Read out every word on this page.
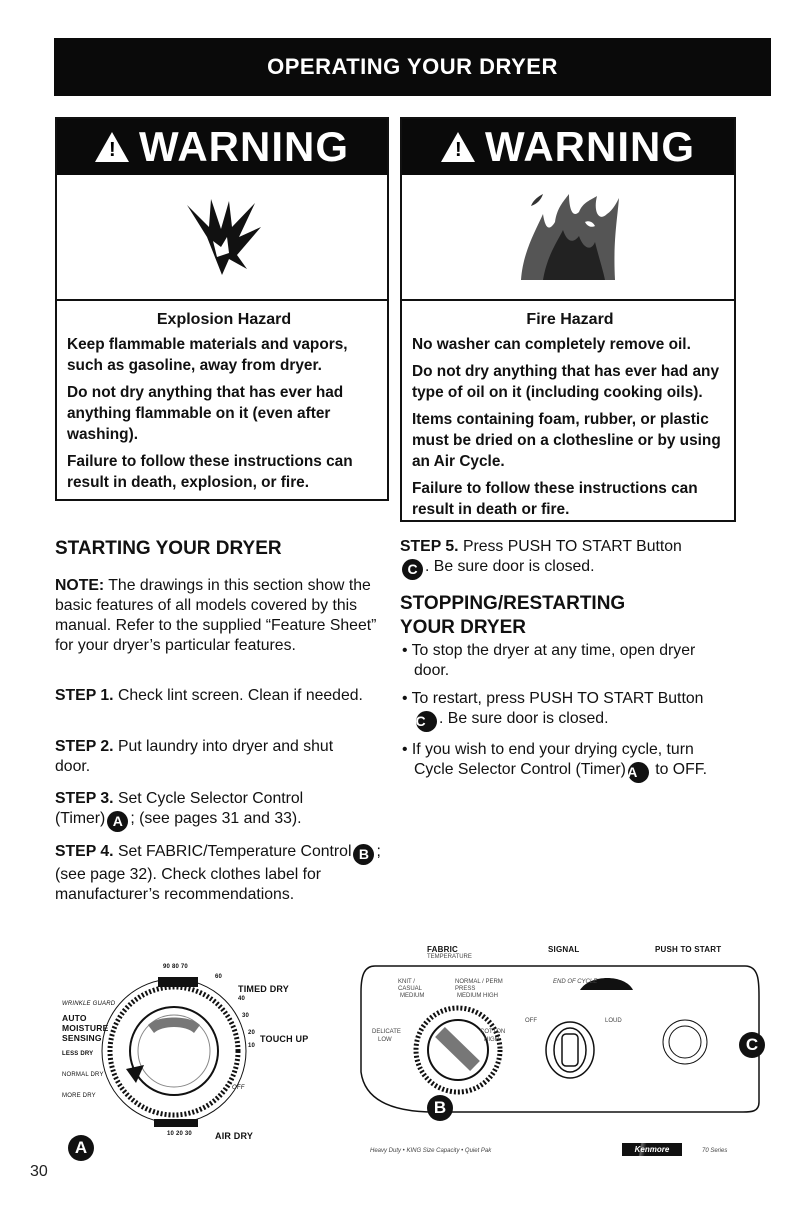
OPERATING YOUR DRYER
! WARNING
Explosion Hazard

Keep flammable materials and vapors, such as gasoline, away from dryer.

Do not dry anything that has ever had anything flammable on it (even after washing).

Failure to follow these instructions can result in death, explosion, or fire.

! WARNING
Fire Hazard

No washer can completely remove oil.

Do not dry anything that has ever had any type of oil on it (including cooking oils).

Items containing foam, rubber, or plastic must be dried on a clothesline or by using an Air Cycle.

Failure to follow these instructions can result in death or fire.

STARTING YOUR DRYER
NOTE: The drawings in this section show the basic features of all models covered by this manual. Refer to the supplied “Feature Sheet” for your dryer’s particular features.
STEP 1. Check lint screen. Clean if needed.
STEP 2. Put laundry into dryer and shut door.
STEP 3. Set Cycle Selector Control (Timer) A ; (see pages 31 and 33).
STEP 4. Set FABRIC/Temperature Control B ; (see page 32). Check clothes label for manufacturer’s recommendations.
STEP 5. Press PUSH TO START ButtonC . Be sure door is closed.
STOPPING/RESTARTING YOUR DRYER
• To stop the dryer at any time, open dryer door.
• To restart, press PUSH TO START ButtonC . Be sure door is closed.
• If you wish to end your drying cycle, turn Cycle Selector Control (Timer)A to OFF.
90 80 70
60
TIMED DRY
40
WRINKLE GUARD
AUTO MOISTURE SENSING
30
20
TOUCH UP
10
LESS DRY
NORMAL DRY
MORE DRY
OFF
10 20 30	AIR DRY
A
FABRIC
TEMPERATURE
SIGNAL	PUSH TO START
KNIT / CASUAL
MEDIUM
NORMAL / PERM PRESS
MEDIUM HIGH
DELICATE
LOW
COTTON
HIGH
END OF CYCLE
OFF	LOUD
B
C
Heavy Duty • KING Size Capacity • Quiet Pak	Kenmore	70 Series
30
